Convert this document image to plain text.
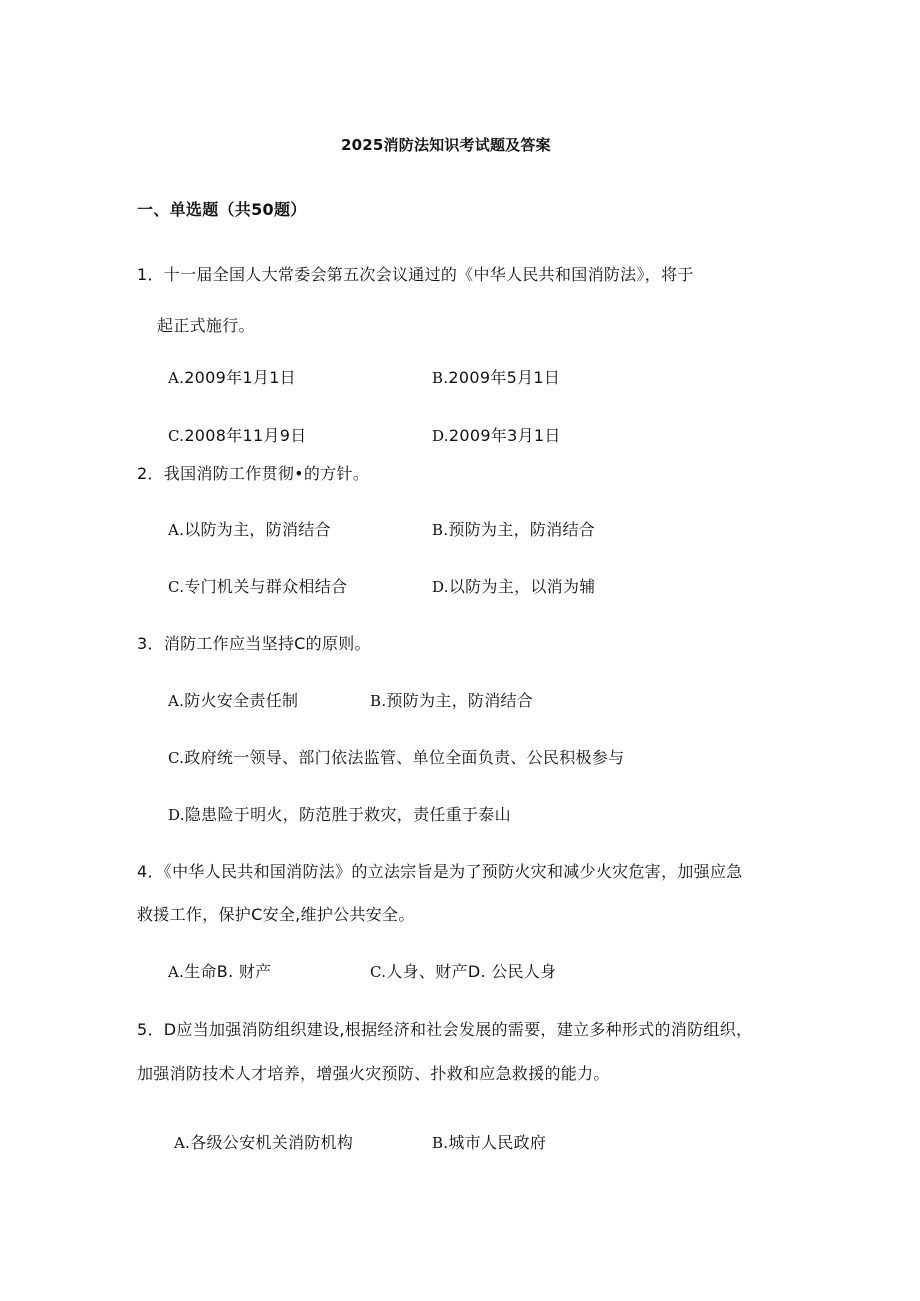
2025消防法知识考试题及答案
一、单选题（共50题）
1．十一届全国人大常委会第五次会议通过的《中华人民共和国消防法》，将于
起正式施行。
A.2009年1月1日	B.2009年5月1日
C.2008年11月9日	D.2009年3月1日
2．我国消防工作贯彻•的方针。
A.以防为主，防消结合	B.预防为主，防消结合
C.专门机关与群众相结合	D.以防为主，以消为辅
3．消防工作应当坚持C的原则。
A.防火安全责任制	B.预防为主，防消结合
C.政府统一领导、部门依法监管、单位全面负责、公民积极参与
D.隐患险于明火，防范胜于救灾，责任重于泰山
4．《中华人民共和国消防法》的立法宗旨是为了预防火灾和减少火灾危害，加强应急
救援工作，保护C安全,维护公共安全。
A.生命B. 财产	C.人身、财产D. 公民人身
5．D应当加强消防组织建设,根据经济和社会发展的需要，建立多种形式的消防组织，
加强消防技术人才培养，增强火灾预防、扑救和应急救援的能力。
A.各级公安机关消防机构	B.城市人民政府
